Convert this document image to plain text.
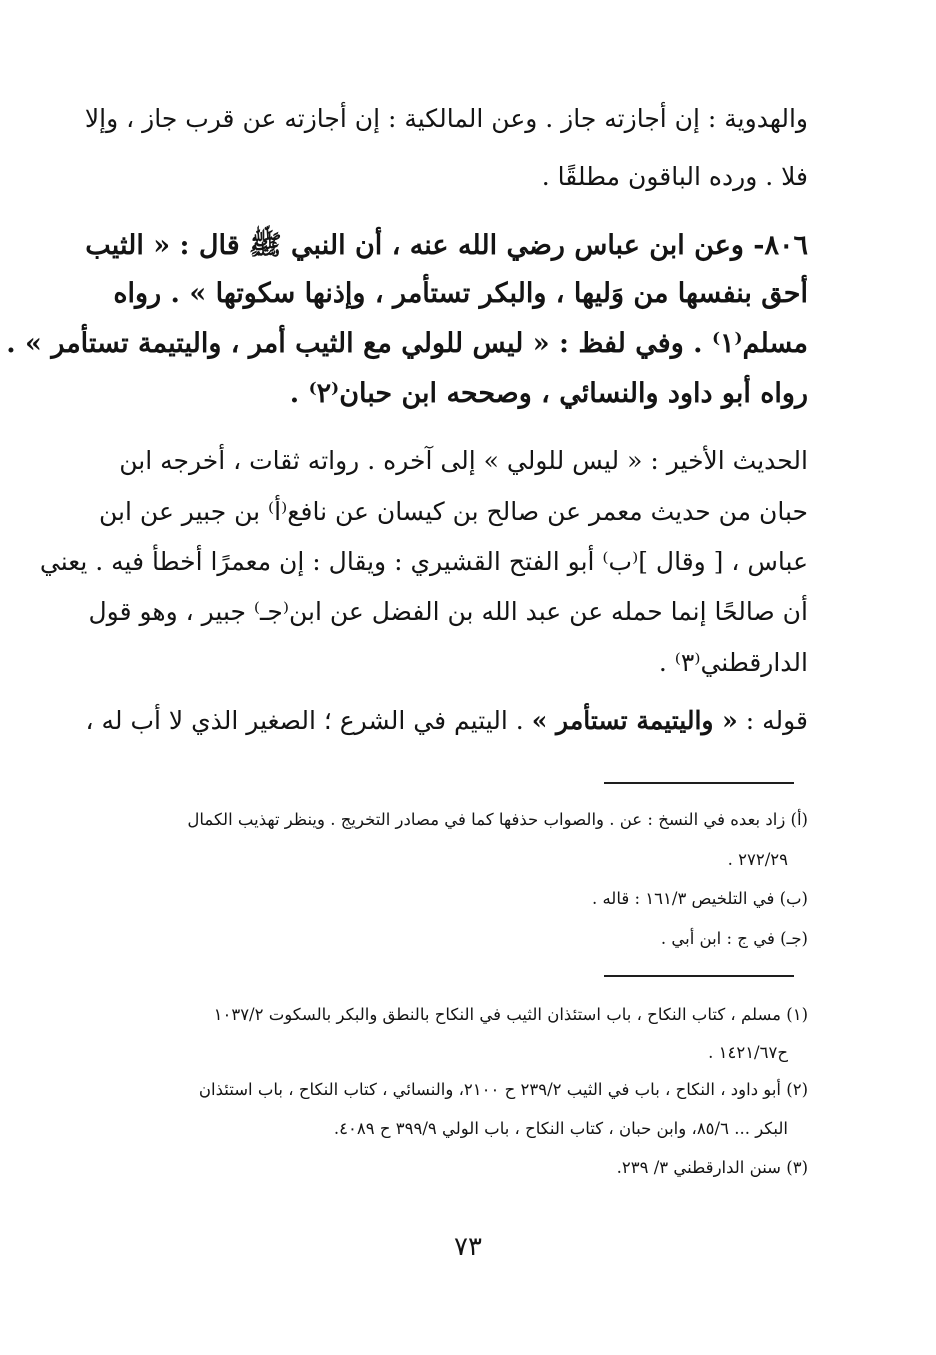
والهدوية : إن أجازته جاز . وعن المالكية : إن أجازته عن قرب جاز ، وإلا
فلا . ورده الباقون مطلقًا .
٨٠٦- وعن ابن عباس رضي الله عنه ، أن النبي ﷺ قال : « الثيب
أحق بنفسها من وَليها ، والبكر تستأمر ، وإذنها سكوتها » . رواه
مسلم⁽١⁾ . وفي لفظ : « ليس للولي مع الثيب أمر ، واليتيمة تستأمر » .
رواه أبو داود والنسائي ، وصححه ابن حبان⁽٢⁾ .
الحديث الأخير : « ليس للولي » إلى آخره . رواته ثقات ، أخرجه ابن
حبان من حديث معمر عن صالح بن كيسان عن نافع⁽أ⁾ بن جبير عن ابن
عباس ، [ وقال ]⁽ب⁾ أبو الفتح القشيري : ويقال : إن معمرًا أخطأ فيه . يعني
أن صالحًا إنما حمله عن عبد الله بن الفضل عن ابن⁽جـ⁾ جبير ، وهو قول
الدارقطني⁽٣⁾ .
قوله : « واليتيمة تستأمر » . اليتيم في الشرع ؛ الصغير الذي لا أب له ،
(أ) زاد بعده في النسخ : عن . والصواب حذفها كما في مصادر التخريج . وينظر تهذيب الكمال
٢٧٢/٢٩ .
(ب) في التلخيص ١٦١/٣ : قاله .
(جـ) في ج : ابن أبي .
(١) مسلم ، كتاب النكاح ، باب استئذان الثيب في النكاح بالنطق والبكر بالسكوت ١٠٣٧/٢
ح١٤٢١/٦٧ .
(٢) أبو داود ، النكاح ، باب في الثيب ٢٣٩/٢ ح ٢١٠٠، والنسائي ، كتاب النكاح ، باب استئذان
البكر ... ٨٥/٦، وابن حبان ، كتاب النكاح ، باب الولي ٣٩٩/٩ ح ٤٠٨٩.
(٣) سنن الدارقطني ٣/ ٢٣٩.
٧٣
